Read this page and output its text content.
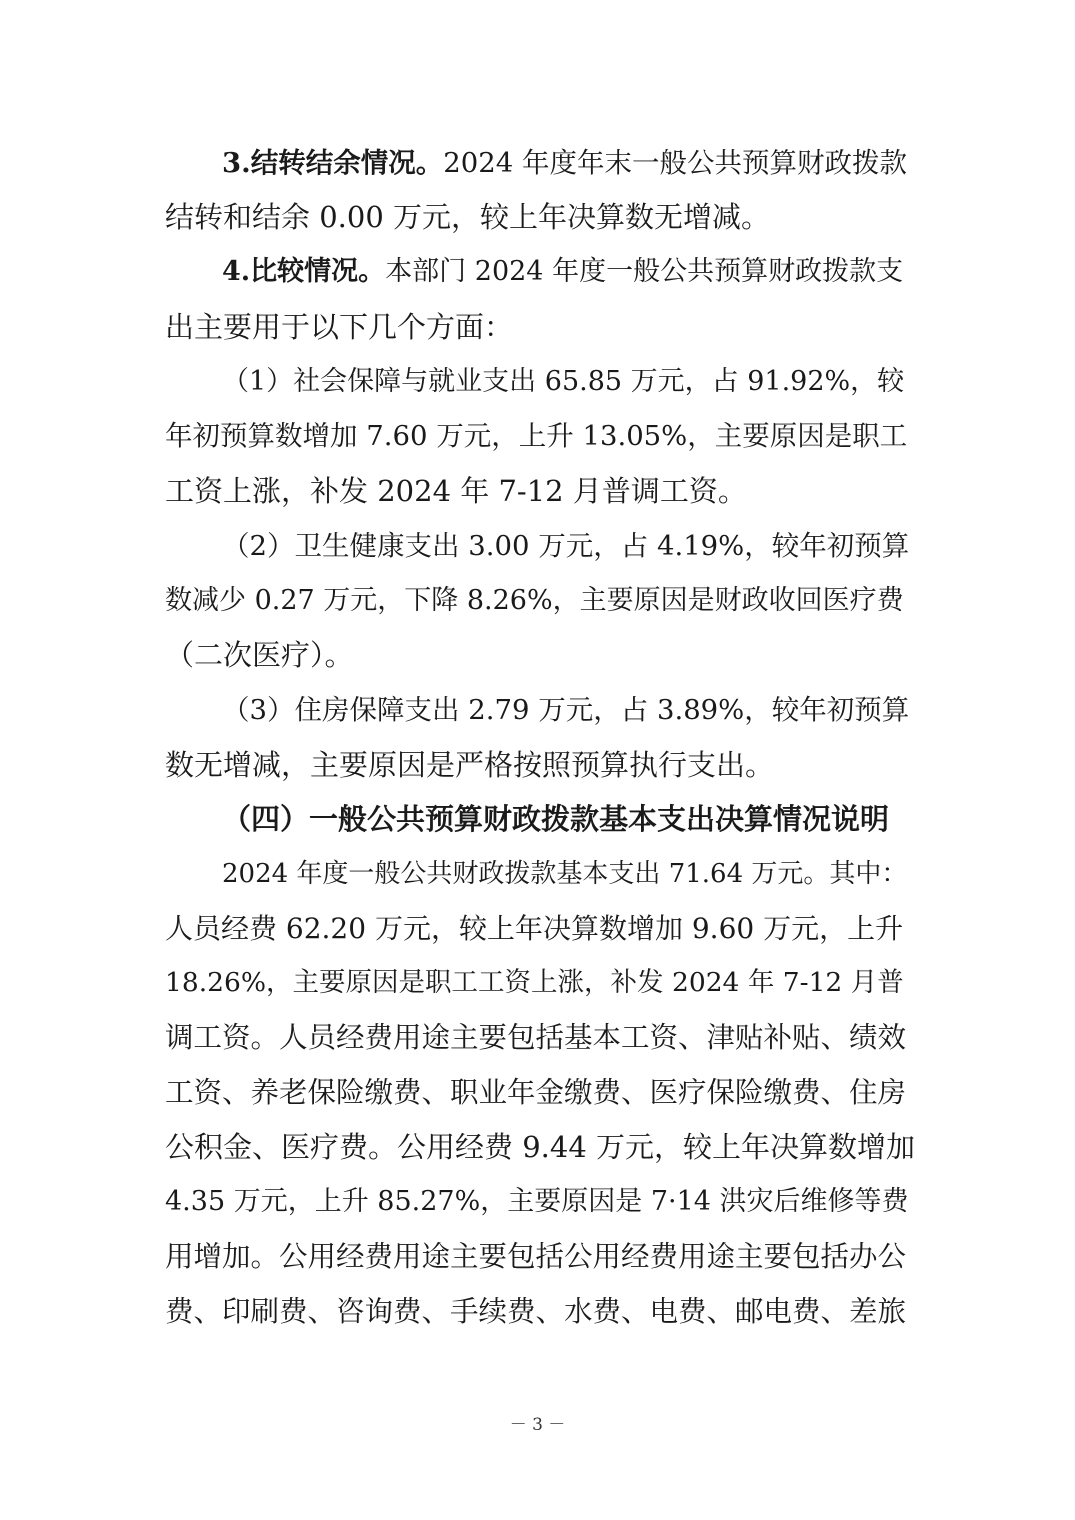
3.结转结余情况。2024 年度年末一般公共预算财政拨款
结转和结余 0.00 万元，较上年决算数无增减。
4.比较情况。本部门 2024 年度一般公共预算财政拨款支
出主要用于以下几个方面：
（1）社会保障与就业支出 65.85 万元，占 91.92%，较
年初预算数增加 7.60 万元，上升 13.05%，主要原因是职工
工资上涨，补发 2024 年 7-12 月普调工资。
（2）卫生健康支出 3.00 万元，占 4.19%，较年初预算
数减少 0.27 万元，下降 8.26%，主要原因是财政收回医疗费
（二次医疗）。
（3）住房保障支出 2.79 万元，占 3.89%，较年初预算
数无增减，主要原因是严格按照预算执行支出。
（四）一般公共预算财政拨款基本支出决算情况说明
2024 年度一般公共财政拨款基本支出 71.64 万元。其中：
人员经费 62.20 万元，较上年决算数增加 9.60 万元，上升
18.26%，主要原因是职工工资上涨，补发 2024 年 7-12 月普
调工资。人员经费用途主要包括基本工资、津贴补贴、绩效
工资、养老保险缴费、职业年金缴费、医疗保险缴费、住房
公积金、医疗费。公用经费 9.44 万元，较上年决算数增加
4.35 万元，上升 85.27%，主要原因是 7·14 洪灾后维修等费
用增加。公用经费用途主要包括公用经费用途主要包括办公
费、印刷费、咨询费、手续费、水费、电费、邮电费、差旅
－ 3 －
